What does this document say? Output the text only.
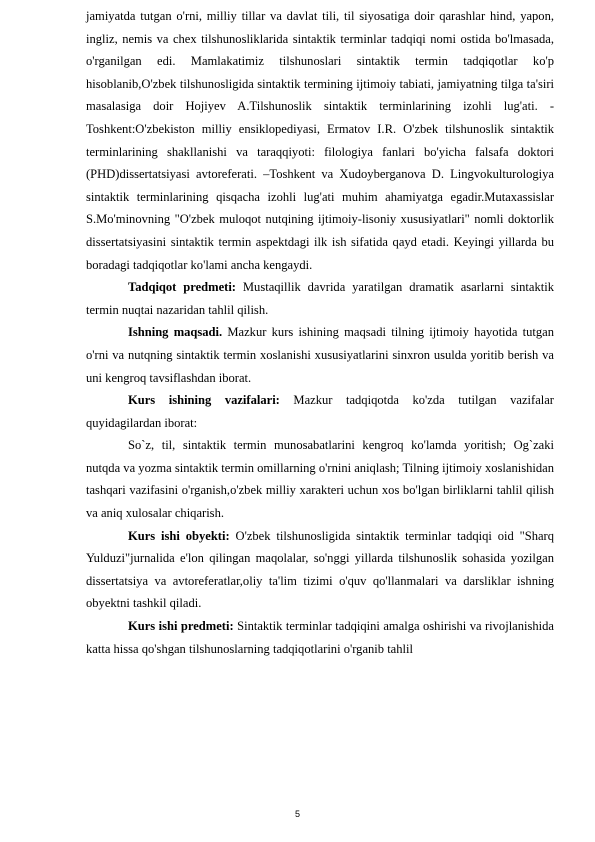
jamiyatda tutgan o'rni, milliy tillar va davlat tili, til siyosatiga doir qarashlar hind, yapon, ingliz, nemis va chex tilshunosliklarida sintaktik terminlar tadqiqi nomi ostida bo'lmasada, o'rganilgan edi. Mamlakatimiz tilshunoslari sintaktik termin tadqiqotlar ko'p hisoblanib,O'zbek tilshunosligida sintaktik termining ijtimoiy tabiati, jamiyatning tilga ta'siri masalasiga doir Hojiyev A.Tilshunoslik sintaktik terminlarining izohli lug'ati. - Toshkent:O'zbekiston milliy ensiklopediyasi, Ermatov I.R. O'zbek tilshunoslik sintaktik terminlarining shakllanishi va taraqqiyoti: filologiya fanlari bo'yicha falsafa doktori (PHD)dissertatsiyasi avtoreferati. –Toshkent va Xudoyberganova D. Lingvokulturologiya sintaktik terminlarining qisqacha izohli lug'ati muhim ahamiyatga egadir.Mutaxassislar S.Mo'minovning "O'zbek muloqot nutqining ijtimoiy-lisoniy xususiyatlari" nomli doktorlik dissertatsiyasini sintaktik termin aspektdagi ilk ish sifatida qayd etadi. Keyingi yillarda bu boradagi tadqiqotlar ko'lami ancha kengaydi.

Tadqiqot predmeti: Mustaqillik davrida yaratilgan dramatik asarlarni sintaktik termin nuqtai nazaridan tahlil qilish.

Ishning maqsadi. Mazkur kurs ishining maqsadi tilning ijtimoiy hayotida tutgan o'rni va nutqning sintaktik termin xoslanishi xususiyatlarini sinxron usulda yoritib berish va uni kengroq tavsiflashdan iborat.

Kurs ishining vazifalari: Mazkur tadqiqotda ko'zda tutilgan vazifalar quyidagilardan iborat:

So`z, til, sintaktik termin munosabatlarini kengroq ko'lamda yoritish; Og`zaki nutqda va yozma sintaktik termin omillarning o'rnini aniqlash; Tilning ijtimoiy xoslanishidan tashqari vazifasini o'rganish,o'zbek milliy xarakteri uchun xos bo'lgan birliklarni tahlil qilish va aniq xulosalar chiqarish.

Kurs ishi obyekti: O'zbek tilshunosligida sintaktik terminlar tadqiqi oid "Sharq Yulduzi"jurnalida e'lon qilingan maqolalar, so'nggi yillarda tilshunoslik sohasida yozilgan dissertatsiya va avtoreferatlar,oliy ta'lim tizimi o'quv qo'llanmalari va darsliklar ishning obyektni tashkil qiladi.

Kurs ishi predmeti: Sintaktik terminlar tadqiqini amalga oshirishi va rivojlanishida katta hissa qo'shgan tilshunoslarning tadqiqotlarini o'rganib tahlil

5
